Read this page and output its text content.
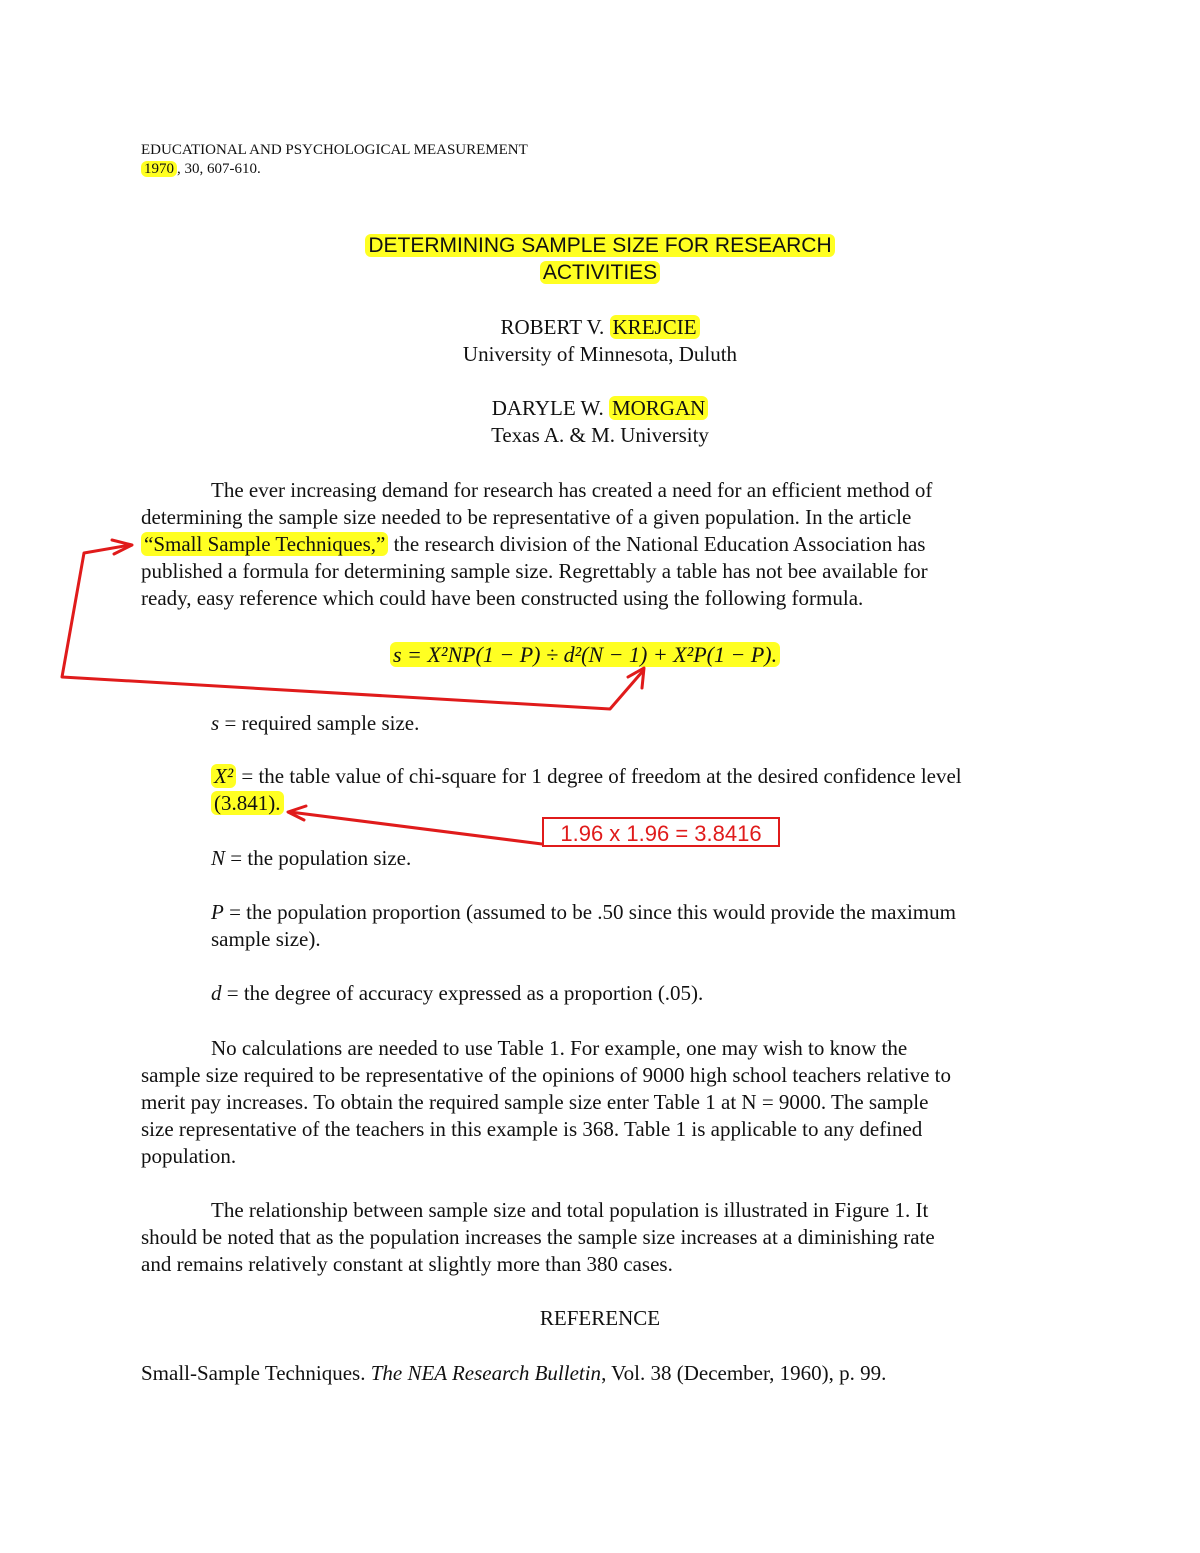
EDUCATIONAL AND PSYCHOLOGICAL MEASUREMENT
1970 , 30, 607-610.
DETERMINING SAMPLE SIZE FOR RESEARCH
ACTIVITIES
ROBERT V. KREJCIE
University of Minnesota, Duluth
DARYLE W. MORGAN
Texas A. & M. University
The ever increasing demand for research has created a need for an efficient method of
determining the sample size needed to be representative of a given population. In the article
“Small Sample Techniques,” the research division of the National Education Association has
published a formula for determining sample size. Regrettably a table has not bee available for
ready, easy reference which could have been constructed using the following formula.
s = X²NP(1 − P) ÷ d²(N − 1) + X²P(1 − P).
s = required sample size.
X² = the table value of chi-square for 1 degree of freedom at the desired confidence level
(3.841).
1.96 x 1.96 = 3.8416
N = the population size.
P = the population proportion (assumed to be .50 since this would provide the maximum
sample size).
d = the degree of accuracy expressed as a proportion (.05).
No calculations are needed to use Table 1. For example, one may wish to know the
sample size required to be representative of the opinions of 9000 high school teachers relative to
merit pay increases. To obtain the required sample size enter Table 1 at N = 9000. The sample
size representative of the teachers in this example is 368. Table 1 is applicable to any defined
population.
The relationship between sample size and total population is illustrated in Figure 1. It
should be noted that as the population increases the sample size increases at a diminishing rate
and remains relatively constant at slightly more than 380 cases.
REFERENCE
Small-Sample Techniques. The NEA Research Bulletin, Vol. 38 (December, 1960), p. 99.
